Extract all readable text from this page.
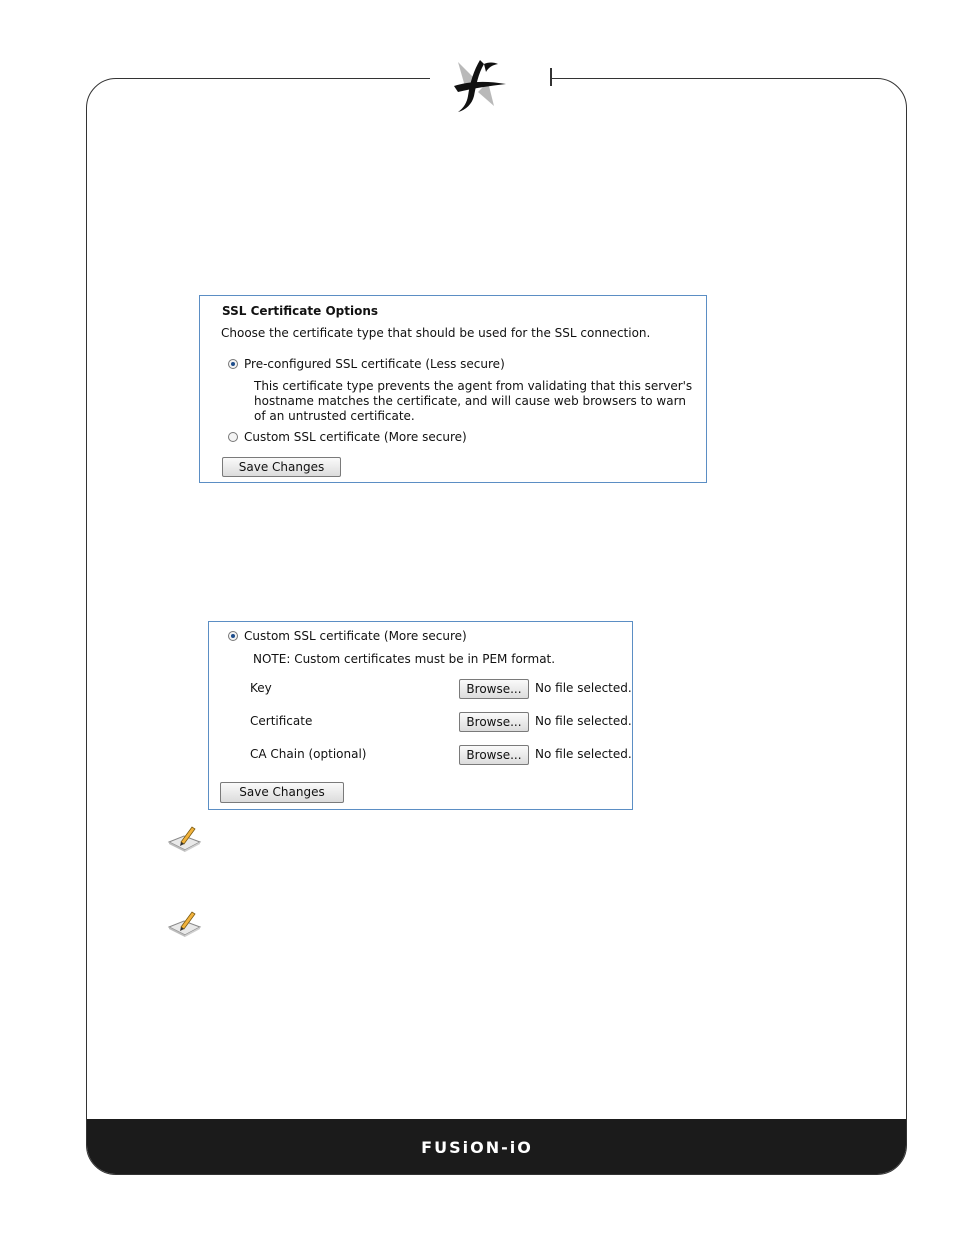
SSL Certificate Options
Choose the certificate type that should be used for the SSL connection.
Pre-configured SSL certificate (Less secure)
This certificate type prevents the agent from validating that this server's hostname matches the certificate, and will cause web browsers to warn of an untrusted certificate.
Custom SSL certificate (More secure)
Save Changes
Custom SSL certificate (More secure)
NOTE: Custom certificates must be in PEM format.
Key	Browse...	No file selected.
Certificate	Browse...	No file selected.
CA Chain (optional)	Browse...	No file selected.
Save Changes
FUSiON-iO
